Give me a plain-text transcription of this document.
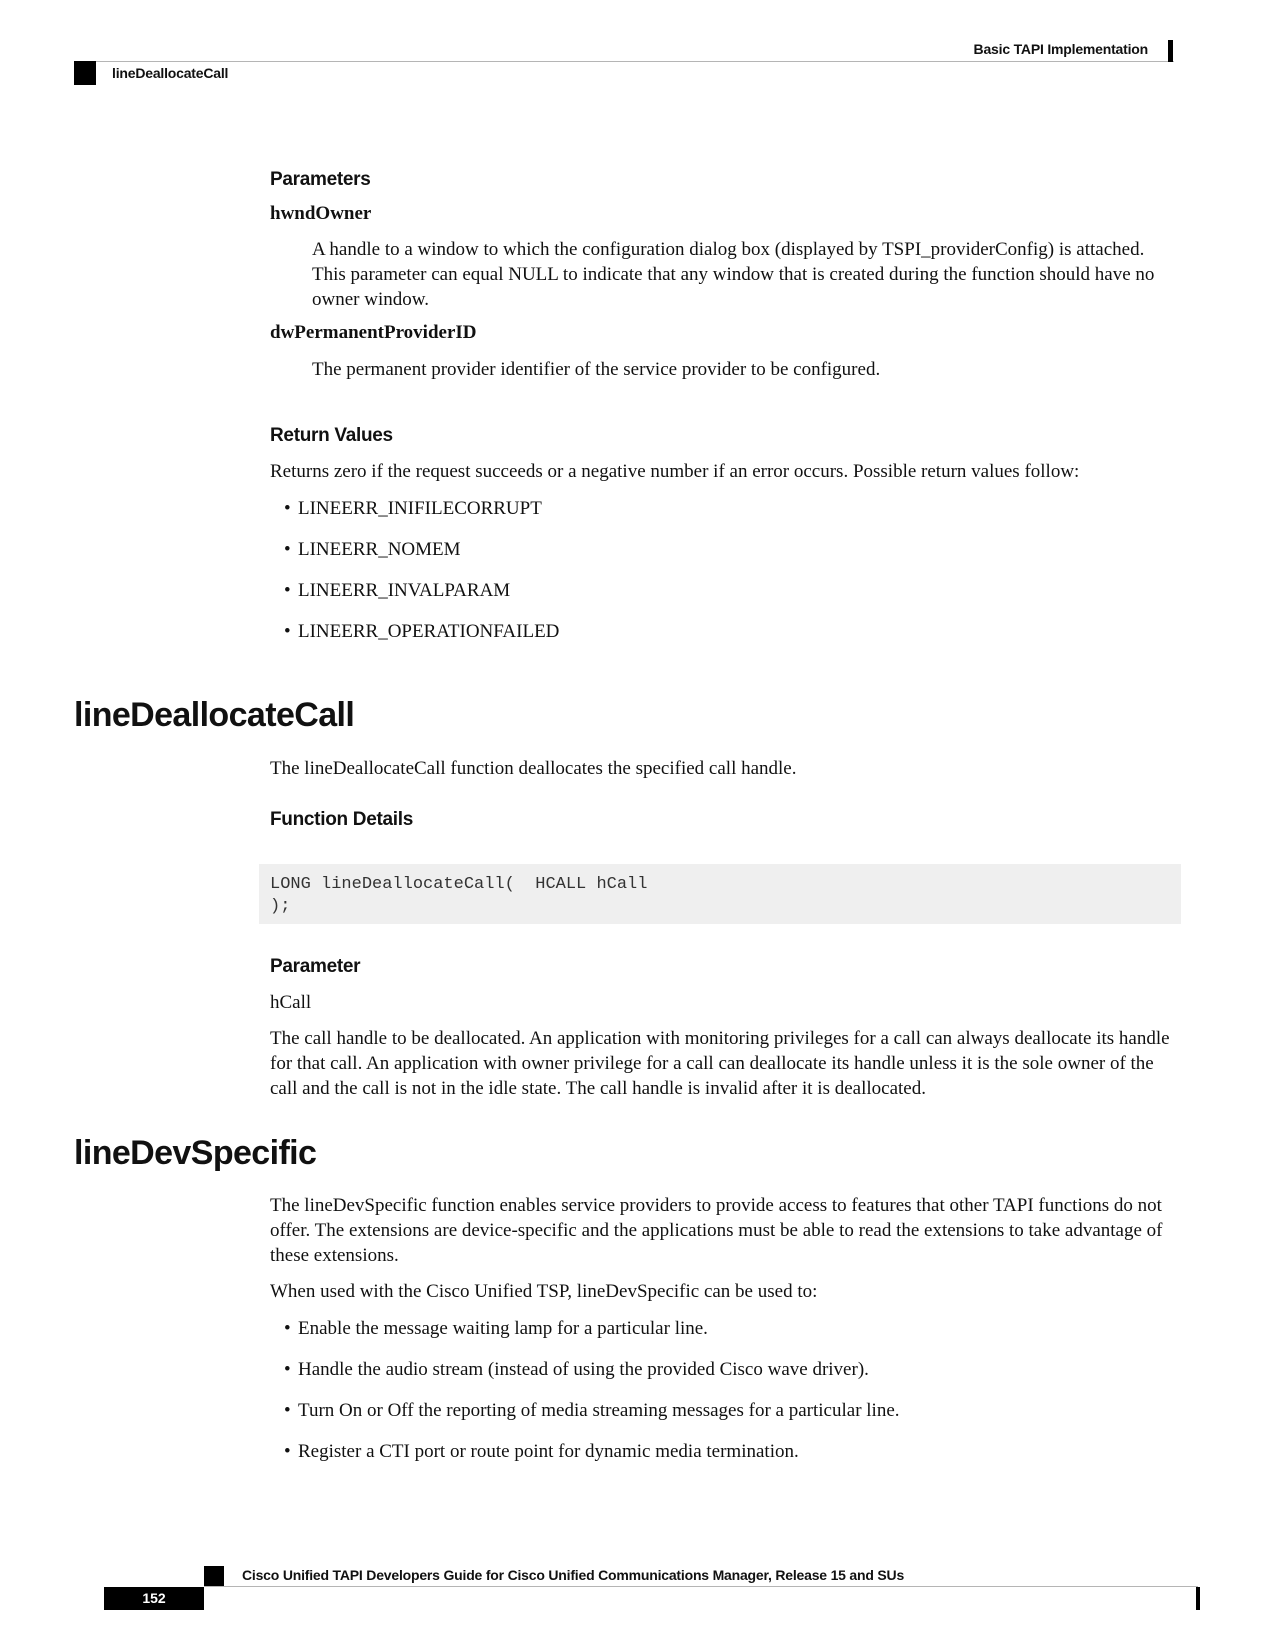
Basic TAPI Implementation
lineDeallocateCall
Parameters

hwndOwner

A handle to a window to which the configuration dialog box (displayed by TSPI_providerConfig) is attached. This parameter can equal NULL to indicate that any window that is created during the function should have no owner window.

dwPermanentProviderID

The permanent provider identifier of the service provider to be configured.

Return Values

Returns zero if the request succeeds or a negative number if an error occurs. Possible return values follow:

• LINEERR_INIFILECORRUPT
• LINEERR_NOMEM
• LINEERR_INVALPARAM
• LINEERR_OPERATIONFAILED
lineDeallocateCall

The lineDeallocateCall function deallocates the specified call handle.

Function Details
LONG lineDeallocateCall(  HCALL hCall
);
Parameter

hCall

The call handle to be deallocated. An application with monitoring privileges for a call can always deallocate its handle for that call. An application with owner privilege for a call can deallocate its handle unless it is the sole owner of the call and the call is not in the idle state. The call handle is invalid after it is deallocated.

lineDevSpecific

The lineDevSpecific function enables service providers to provide access to features that other TAPI functions do not offer. The extensions are device-specific and the applications must be able to read the extensions to take advantage of these extensions.

When used with the Cisco Unified TSP, lineDevSpecific can be used to:

• Enable the message waiting lamp for a particular line.
• Handle the audio stream (instead of using the provided Cisco wave driver).
• Turn On or Off the reporting of media streaming messages for a particular line.
• Register a CTI port or route point for dynamic media termination.
Cisco Unified TAPI Developers Guide for Cisco Unified Communications Manager, Release 15 and SUs
152
